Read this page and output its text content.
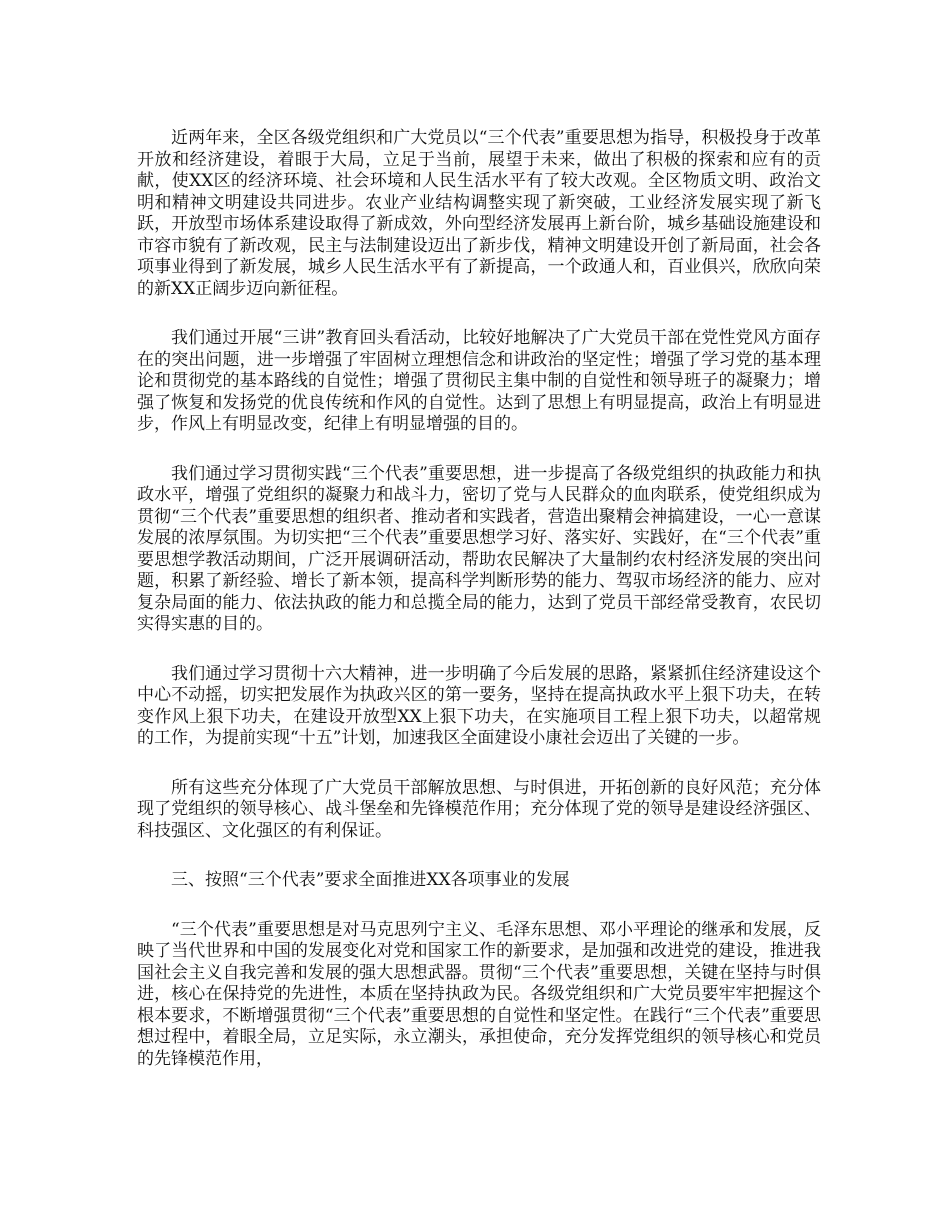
近两年来，全区各级党组织和广大党员以“三个代表”重要思想为指导，积极投身于改革开放和经济建设，着眼于大局，立足于当前，展望于未来，做出了积极的探索和应有的贡献，使XX区的经济环境、社会环境和人民生活水平有了较大改观。全区物质文明、政治文明和精神文明建设共同进步。农业产业结构调整实现了新突破，工业经济发展实现了新飞跃，开放型市场体系建设取得了新成效，外向型经济发展再上新台阶，城乡基础设施建设和市容市貌有了新改观，民主与法制建设迈出了新步伐，精神文明建设开创了新局面，社会各项事业得到了新发展，城乡人民生活水平有了新提高，一个政通人和，百业俱兴，欣欣向荣的新XX正阔步迈向新征程。

我们通过开展“三讲”教育回头看活动，比较好地解决了广大党员干部在党性党风方面存在的突出问题，进一步增强了牢固树立理想信念和讲政治的坚定性；增强了学习党的基本理论和贯彻党的基本路线的自觉性；增强了贯彻民主集中制的自觉性和领导班子的凝聚力；增强了恢复和发扬党的优良传统和作风的自觉性。达到了思想上有明显提高，政治上有明显进步，作风上有明显改变，纪律上有明显增强的目的。

我们通过学习贯彻实践“三个代表”重要思想，进一步提高了各级党组织的执政能力和执政水平，增强了党组织的凝聚力和战斗力，密切了党与人民群众的血肉联系，使党组织成为贯彻“三个代表”重要思想的组织者、推动者和实践者，营造出聚精会神搞建设，一心一意谋发展的浓厚氛围。为切实把“三个代表”重要思想学习好、落实好、实践好，在“三个代表”重要思想学教活动期间，广泛开展调研活动，帮助农民解决了大量制约农村经济发展的突出问题，积累了新经验、增长了新本领，提高科学判断形势的能力、驾驭市场经济的能力、应对复杂局面的能力、依法执政的能力和总揽全局的能力，达到了党员干部经常受教育，农民切实得实惠的目的。

我们通过学习贯彻十六大精神，进一步明确了今后发展的思路，紧紧抓住经济建设这个中心不动摇，切实把发展作为执政兴区的第一要务，坚持在提高执政水平上狠下功夫，在转变作风上狠下功夫，在建设开放型XX上狠下功夫，在实施项目工程上狠下功夫，以超常规的工作，为提前实现“十五”计划，加速我区全面建设小康社会迈出了关键的一步。

所有这些充分体现了广大党员干部解放思想、与时俱进，开拓创新的良好风范；充分体现了党组织的领导核心、战斗堡垒和先锋模范作用；充分体现了党的领导是建设经济强区、科技强区、文化强区的有利保证。

三、按照“三个代表”要求全面推进XX各项事业的发展

“三个代表”重要思想是对马克思列宁主义、毛泽东思想、邓小平理论的继承和发展，反映了当代世界和中国的发展变化对党和国家工作的新要求，是加强和改进党的建设，推进我国社会主义自我完善和发展的强大思想武器。贯彻“三个代表”重要思想，关键在坚持与时俱进，核心在保持党的先进性，本质在坚持执政为民。各级党组织和广大党员要牢牢把握这个根本要求，不断增强贯彻“三个代表”重要思想的自觉性和坚定性。在践行“三个代表”重要思想过程中，着眼全局，立足实际，永立潮头，承担使命，充分发挥党组织的领导核心和党员的先锋模范作用，
